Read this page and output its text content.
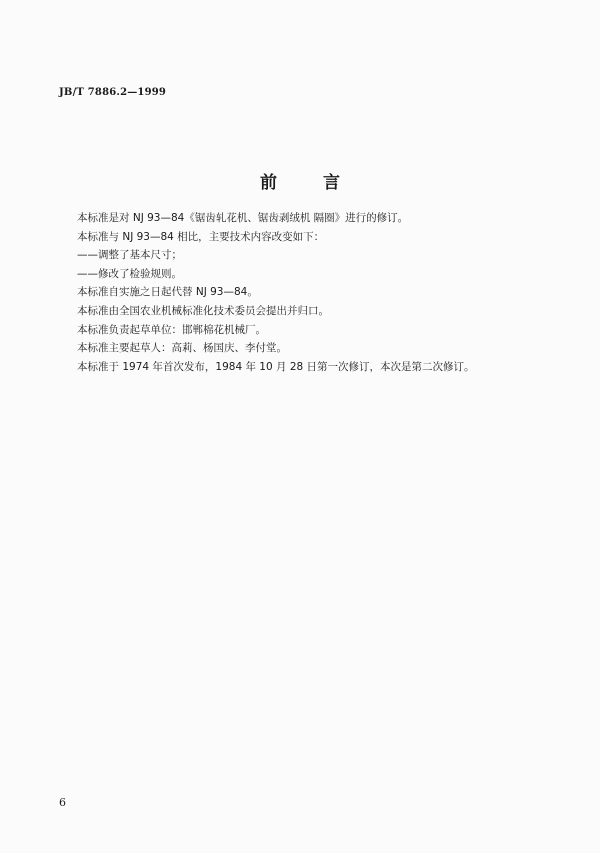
JB/T 7886.2—1999
前 言
本标准是对 NJ 93—84《锯齿轧花机、锯齿剥绒机 隔圈》进行的修订。
本标准与 NJ 93—84 相比，主要技术内容改变如下：
——调整了基本尺寸；
——修改了检验规则。
本标准自实施之日起代替 NJ 93—84。
本标准由全国农业机械标准化技术委员会提出并归口。
本标准负责起草单位：邯郸棉花机械厂。
本标准主要起草人：高莉、杨国庆、李付堂。
本标准于 1974 年首次发布，1984 年 10 月 28 日第一次修订，本次是第二次修订。
6
